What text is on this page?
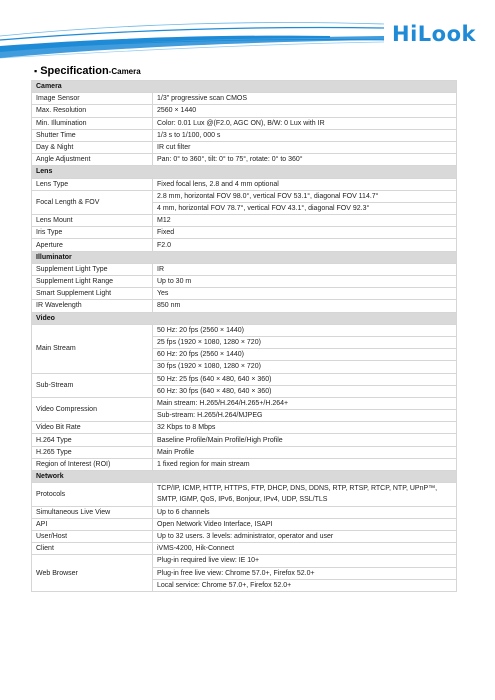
HiLook
▪ Specification-Camera
Camera	
Image Sensor	1/3" progressive scan CMOS
Max. Resolution	2560 × 1440
Min. Illumination	Color: 0.01 Lux @(F2.0, AGC ON), B/W: 0 Lux with IR
Shutter Time	1/3 s to 1/100, 000 s
Day & Night	IR cut filter
Angle Adjustment	Pan: 0° to 360°, tilt: 0° to 75°, rotate: 0° to 360°
Lens	
Lens Type	Fixed focal lens, 2.8 and 4 mm optional
Focal Length & FOV	2.8 mm, horizontal FOV 98.0°, vertical FOV 53.1°, diagonal FOV 114.7°
4 mm, horizontal FOV 78.7°, vertical FOV 43.1°, diagonal FOV 92.3°

Lens Mount	M12
Iris Type	Fixed
Aperture	F2.0
Illuminator	
Supplement Light Type	IR
Supplement Light Range	Up to 30 m
Smart Supplement Light	Yes
IR Wavelength	850 nm
Video	
Main Stream	50 Hz: 20 fps (2560 × 1440)
25 fps (1920 × 1080, 1280 × 720)
60 Hz: 20 fps (2560 × 1440)
30 fps (1920 × 1080, 1280 × 720)

Sub-Stream	50 Hz: 25 fps (640 × 480, 640 × 360)
60 Hz: 30 fps (640 × 480, 640 × 360)

Video Compression	Main stream: H.265/H.264/H.265+/H.264+
Sub-stream: H.265/H.264/MJPEG

Video Bit Rate	32 Kbps to 8 Mbps
H.264 Type	Baseline Profile/Main Profile/High Profile
H.265 Type	Main Profile
Region of Interest (ROI)	1 fixed region for main stream
Network	
Protocols	TCP/IP, ICMP, HTTP, HTTPS, FTP, DHCP, DNS, DDNS, RTP, RTSP, RTCP, NTP, UPnP™,
SMTP, IGMP, QoS, IPv6, Bonjour, IPv4, UDP, SSL/TLS

Simultaneous Live View	Up to 6 channels
API	Open Network Video Interface, ISAPI
User/Host	Up to 32 users. 3 levels: administrator, operator and user
Client	iVMS-4200, Hik-Connect
Web Browser	Plug-in required live view: IE 10+
Plug-in free live view: Chrome 57.0+, Firefox 52.0+
Local service: Chrome 57.0+, Firefox 52.0+
